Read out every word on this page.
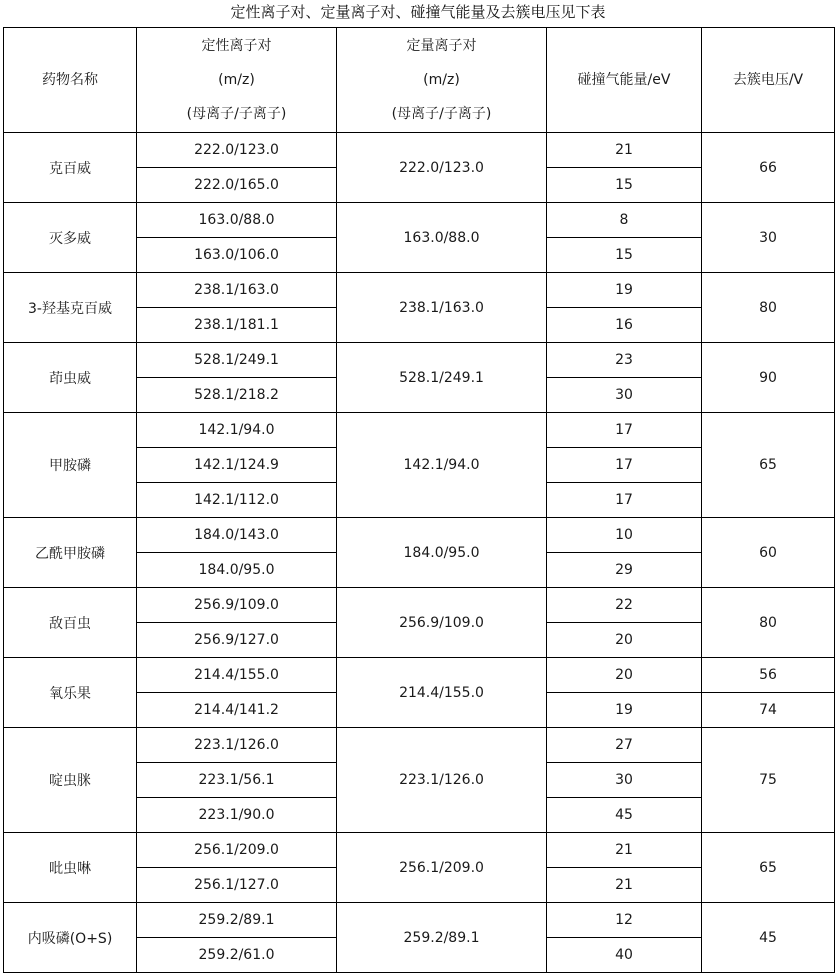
定性离子对、定量离子对、碰撞气能量及去簇电压见下表
药物名称	定性离子对
(m/z)
(母离子/子离子)	定量离子对
(m/z)
(母离子/子离子)	碰撞气能量/eV	去簇电压/V
克百威	222.0/123.0	222.0/123.0	21	66
	222.0/165.0		15	
灭多威	163.0/88.0	163.0/88.0	8	30
	163.0/106.0		15	
3-羟基克百威	238.1/163.0	238.1/163.0	19	80
	238.1/181.1		16	
茚虫威	528.1/249.1	528.1/249.1	23	90
	528.1/218.2		30	
甲胺磷	142.1/94.0	142.1/94.0	17	65
	142.1/124.9		17	
	142.1/112.0		17	
乙酰甲胺磷	184.0/143.0	184.0/95.0	10	60
	184.0/95.0		29	
敌百虫	256.9/109.0	256.9/109.0	22	80
	256.9/127.0		20	
氧乐果	214.4/155.0	214.4/155.0	20	56
	214.4/141.2		19	74
啶虫脒	223.1/126.0	223.1/126.0	27	75
	223.1/56.1		30	
	223.1/90.0		45	
吡虫啉	256.1/209.0	256.1/209.0	21	65
	256.1/127.0		21	
内吸磷(O+S)	259.2/89.1	259.2/89.1	12	45
	259.2/61.0		40	
